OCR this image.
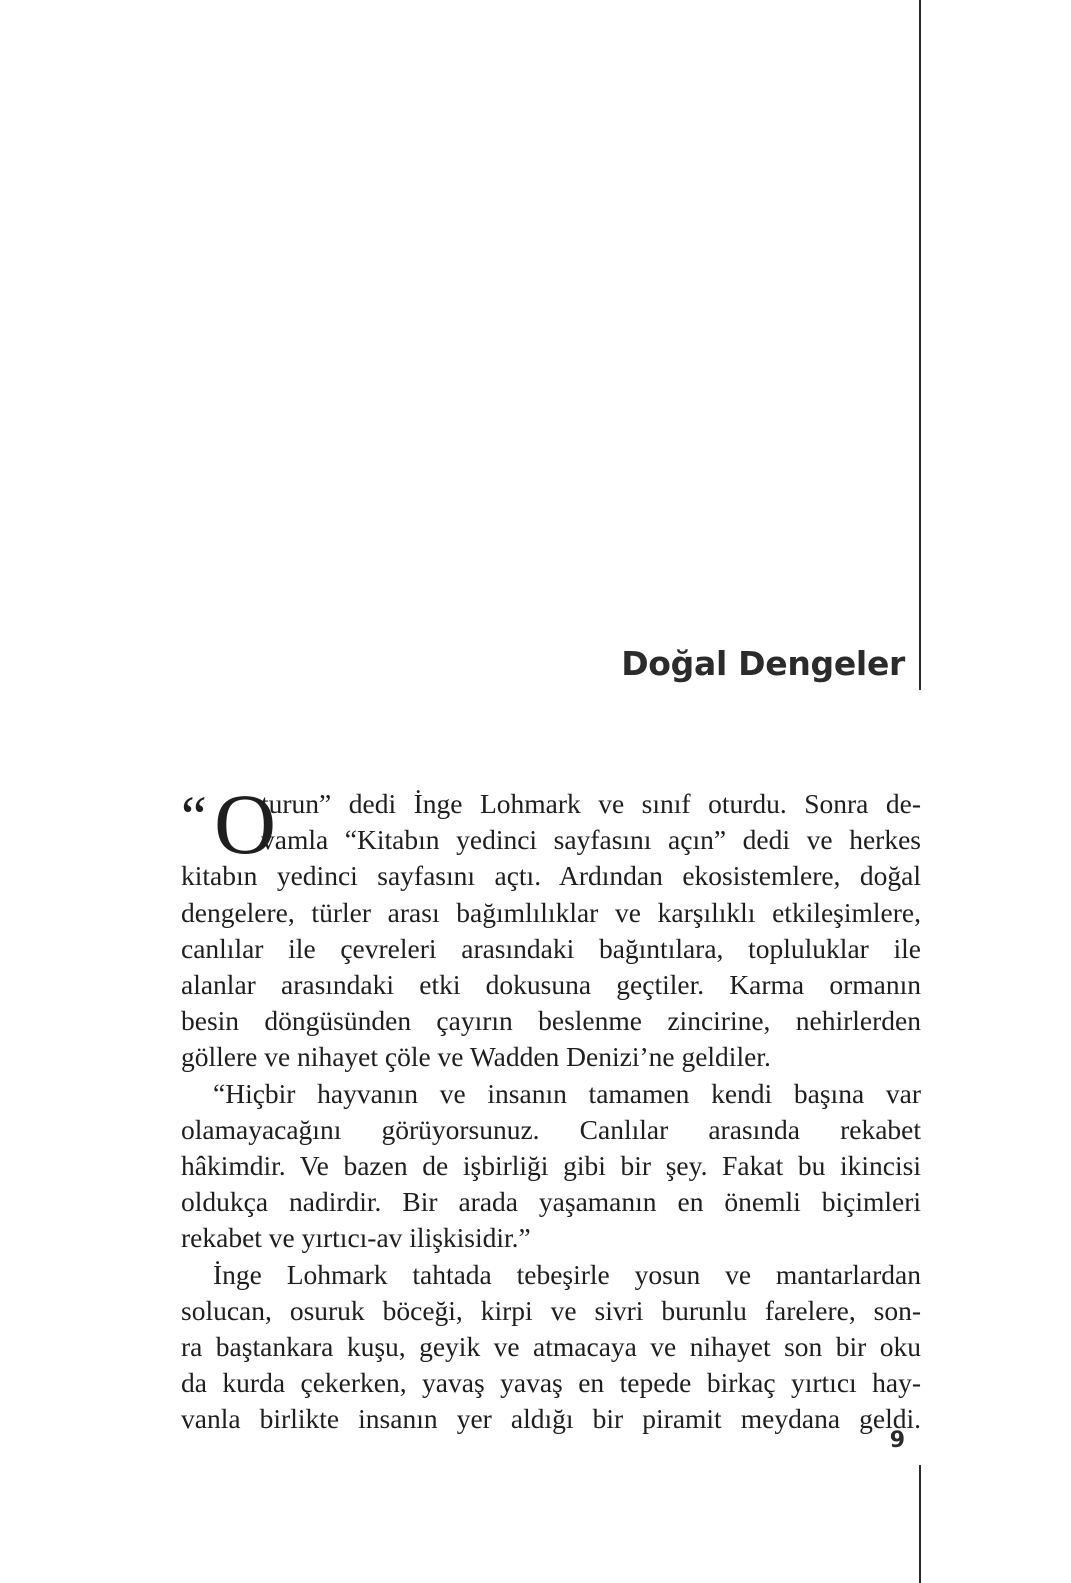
Doğal Dengeler
“ O
turun” dedi İnge Lohmark ve sınıf oturdu. Sonra de-
vamla “Kitabın yedinci sayfasını açın” dedi ve herkes
kitabın yedinci sayfasını açtı. Ardından ekosistemlere, doğal
dengelere, türler arası bağımlılıklar ve karşılıklı etkileşimlere,
canlılar ile çevreleri arasındaki bağıntılara, topluluklar ile
alanlar arasındaki etki dokusuna geçtiler. Karma ormanın
besin döngüsünden çayırın beslenme zincirine, nehirlerden
göllere ve nihayet çöle ve Wadden Denizi’ne geldiler.
“Hiçbir hayvanın ve insanın tamamen kendi başına var
olamayacağını görüyorsunuz. Canlılar arasında rekabet
hâkimdir. Ve bazen de işbirliği gibi bir şey. Fakat bu ikincisi
oldukça nadirdir. Bir arada yaşamanın en önemli biçimleri
rekabet ve yırtıcı-av ilişkisidir.”
İnge Lohmark tahtada tebeşirle yosun ve mantarlardan
solucan, osuruk böceği, kirpi ve sivri burunlu farelere, son-
ra baştankara kuşu, geyik ve atmacaya ve nihayet son bir oku
da kurda çekerken, yavaş yavaş en tepede birkaç yırtıcı hay-
vanla birlikte insanın yer aldığı bir piramit meydana geldi.
9
